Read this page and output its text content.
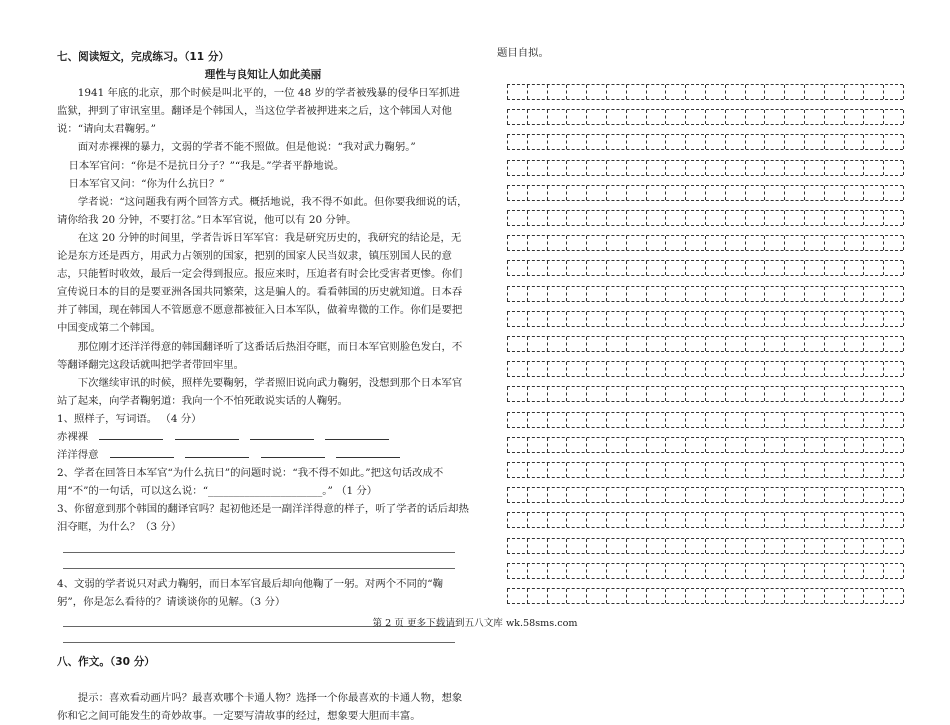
七、阅读短文，完成练习。（11 分）
理性与良知让人如此美丽

1941 年底的北京，那个时候是叫北平的，一位 48 岁的学者被残暴的侵华日军抓进监狱，押到了审讯室里。翻译是个韩国人，当这位学者被押进来之后，这个韩国人对他说：“请向太君鞠躬。”

面对赤裸裸的暴力，文弱的学者不能不照做。但是他说：“我对武力鞠躬。”

日本军官问：“你是不是抗日分子？”“我是。”学者平静地说。

日本军官又问：“你为什么抗日？”

学者说：“这问题我有两个回答方式。概括地说，我不得不如此。但你要我细说的话，请你给我 20 分钟，不要打岔。”日本军官说，他可以有 20 分钟。

在这 20 分钟的时间里，学者告诉日军军官：我是研究历史的，我研究的结论是，无论是东方还是西方，用武力占领别的国家，把别的国家人民当奴隶，镇压别国人民的意志，只能暂时收效，最后一定会得到报应。报应来时，压迫者有时会比受害者更惨。你们宣传说日本的目的是要亚洲各国共同繁荣，这是骗人的。看看韩国的历史就知道。日本吞并了韩国，现在韩国人不管愿意不愿意都被征入日本军队，做着卑微的工作。你们是要把中国变成第二个韩国。

那位刚才还洋洋得意的韩国翻译听了这番话后热泪夺眶，而日本军官则脸色发白，不等翻译翻完这段话就叫把学者带回牢里。

下次继续审讯的时候，照样先要鞠躬，学者照旧说向武力鞠躬，没想到那个日本军官站了起来，向学者鞠躬道：我向一个不怕死敢说实话的人鞠躬。

1、照样子，写词语。 （4 分）

赤裸裸
洋洋得意

2、学者在回答日本军官“为什么抗日”的问题时说：“我不得不如此。”把这句话改成不用“不”的一句话，可以这么说：“______________________。” （1 分）

3、你留意到那个韩国的翻译官吗？起初他还是一副洋洋得意的样子，听了学者的话后却热泪夺眶，为什么？（3 分）

4、文弱的学者说只对武力鞠躬，而日本军官最后却向他鞠了一躬。对两个不同的“鞠躬”，你是怎么看待的？请谈谈你的见解。（3 分）

八、作文。（30 分）

提示：喜欢看动画片吗？最喜欢哪个卡通人物？选择一个你最喜欢的卡通人物，想象你和它之间可能发生的奇妙故事。一定要写清故事的经过，想象要大胆而丰富。

题目自拟。
第 2 页 更多下载请到五八文库 wk.58sms.com
